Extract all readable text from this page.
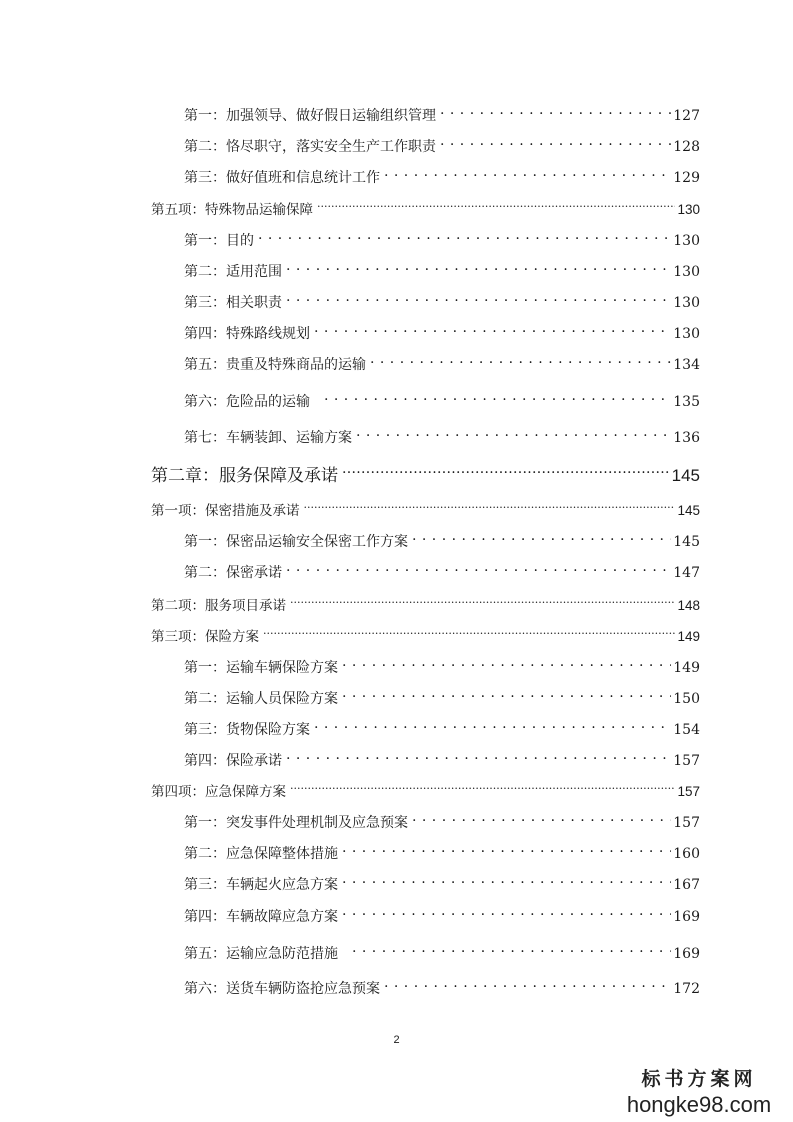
第一：加强领导、做好假日运输组织管理 . . .	127
第二：恪尽职守，落实安全生产工作职责 . . .	128
第三：做好值班和信息统计工作 . . .	129
第五项：特殊物品运输保障 .....	130
第一：目的 . . .	130
第二：适用范围 . . .	130
第三：相关职责 . . .	130
第四：特殊路线规划 . . .	130
第五：贵重及特殊商品的运输 . . .	134
第六：危险品的运输 . . .	135
第七：车辆装卸、运输方案 . . .	136
第二章：服务保障及承诺 .....	145
第一项：保密措施及承诺 .....	145
第一：保密品运输安全保密工作方案 . . .	145
第二：保密承诺 . . .	147
第二项：服务项目承诺 .....	148
第三项：保险方案 .....	149
第一：运输车辆保险方案 . . .	149
第二：运输人员保险方案 . . .	150
第三：货物保险方案 . . .	154
第四：保险承诺 . . .	157
第四项：应急保障方案 .....	157
第一：突发事件处理机制及应急预案 . . .	157
第二：应急保障整体措施 . . .	160
第三：车辆起火应急方案 . . .	167
第四：车辆故障应急方案 . . .	169
第五：运输应急防范措施 . . .	169
第六：送货车辆防盗抢应急预案 . . .	172
2
标书方案网
hongke98.com
